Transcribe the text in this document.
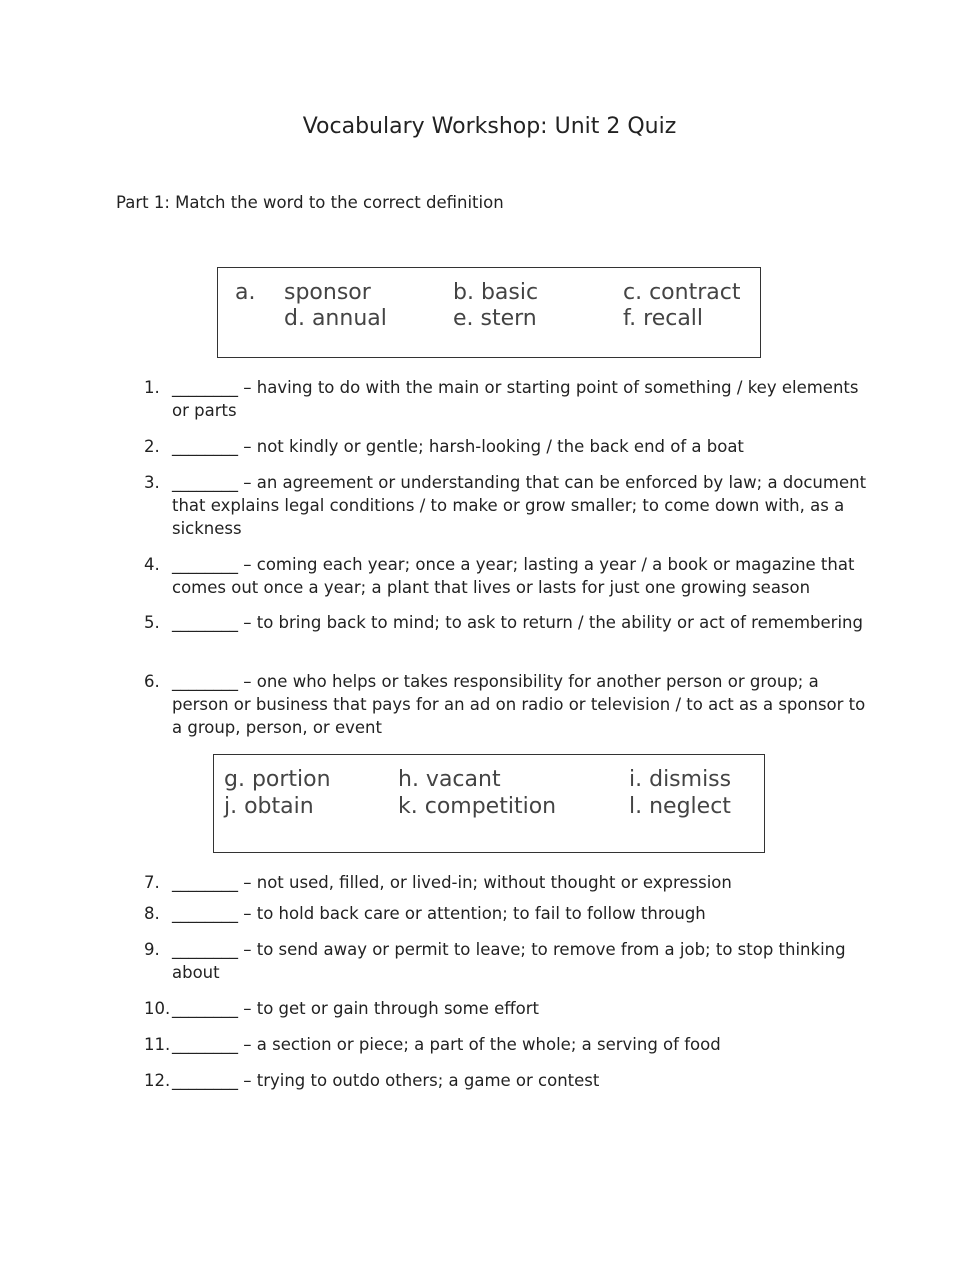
Vocabulary Workshop: Unit 2 Quiz
Part 1: Match the word to the correct definition
a. sponsor	b. basic	c. contract
d. annual	e. stern	f. recall
1. ________ – having to do with the main or starting point of something / key elements or parts
2. ________ – not kindly or gentle; harsh-looking / the back end of a boat
3. ________ – an agreement or understanding that can be enforced by law; a document that explains legal conditions / to make or grow smaller; to come down with, as a sickness
4. ________ – coming each year; once a year; lasting a year / a book or magazine that comes out once a year; a plant that lives or lasts for just one growing season
5. ________ – to bring back to mind; to ask to return / the ability or act of remembering
6. ________ – one who helps or takes responsibility for another person or group; a person or business that pays for an ad on radio or television / to act as a sponsor to a group, person, or event
g. portion	h. vacant	i. dismiss
j. obtain	k. competition	l. neglect
7. ________ – not used, filled, or lived-in; without thought or expression
8. ________ – to hold back care or attention; to fail to follow through
9. ________ – to send away or permit to leave; to remove from a job; to stop thinking about
10. ________ – to get or gain through some effort
11. ________ – a section or piece; a part of the whole; a serving of food
12. ________ – trying to outdo others; a game or contest
